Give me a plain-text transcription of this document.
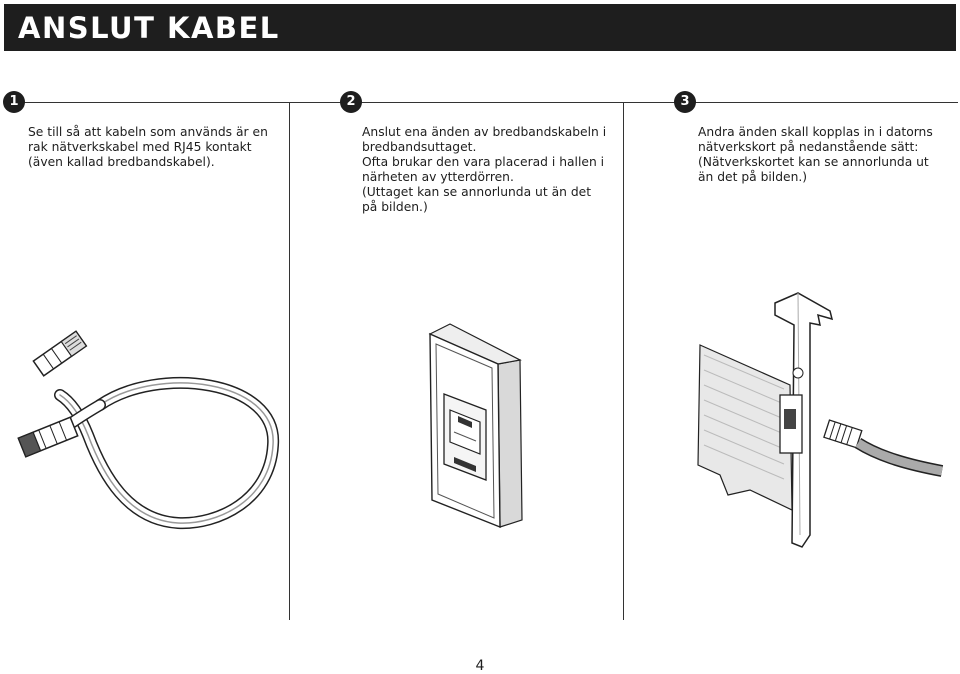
ANSLUT KABEL
1	2	3
Se till så att kabeln som används är en
rak nätverkskabel med RJ45 kontakt
(även kallad bredbandskabel).
Anslut ena änden av bredbandskabeln i
bredbandsuttaget.
Ofta brukar den vara placerad i hallen i
närheten av ytterdörren.
(Uttaget kan se annorlunda ut än det
på bilden.)
Andra änden skall kopplas in i datorns
nätverkskort på nedanstående sätt:
(Nätverkskortet kan se annorlunda ut
än det på bilden.)
4
